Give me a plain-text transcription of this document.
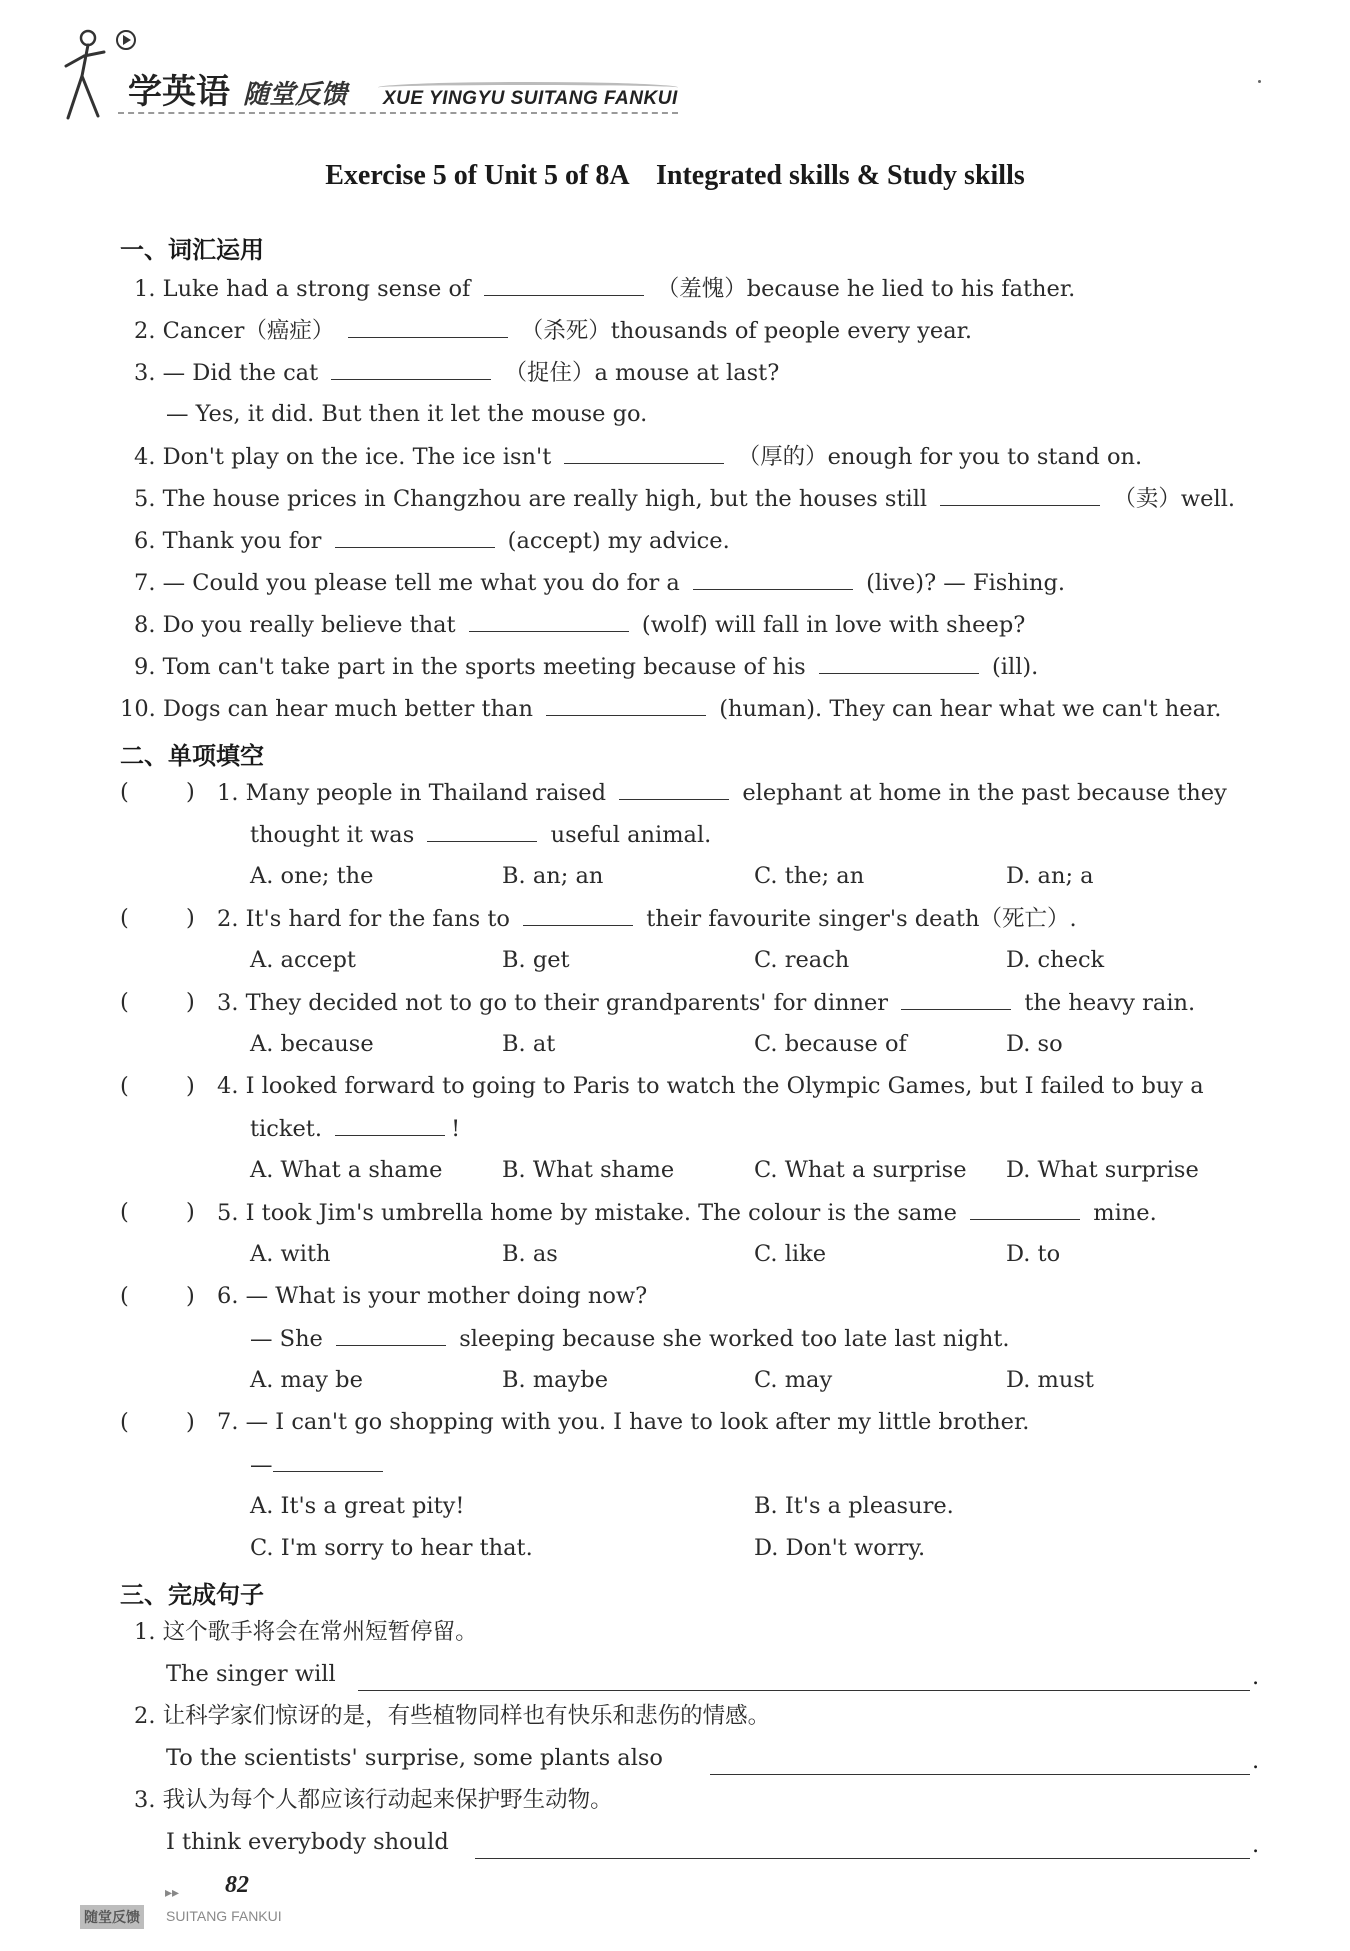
学英语 随堂反馈 XUE YINGYU SUITANG FANKUI
Exercise 5 of Unit 5 of 8A    Integrated skills & Study skills
一、词汇运用
1. Luke had a strong sense of	（羞愧）because he lied to his father.
2. Cancer（癌症）	（杀死）thousands of people every year.
3. — Did the cat	（捉住）a mouse at last?
— Yes, it did. But then it let the mouse go.
4. Don't play on the ice. The ice isn't	（厚的）enough for you to stand on.
5. The house prices in Changzhou are really high, but the houses still	（卖）well.
6. Thank you for	(accept) my advice.
7. — Could you please tell me what you do for a	(live)? — Fishing.
8. Do you really believe that	(wolf) will fall in love with sheep?
9. Tom can't take part in the sports meeting because of his	(ill).
10. Dogs can hear much better than	(human). They can hear what we can't hear.
二、单项填空
(        ) 1. Many people in Thailand raised	elephant at home in the past because they
thought it was	useful animal.
A. one; the	B. an; an	C. the; an	D. an; a
(        ) 2. It's hard for the fans to	their favourite singer's death（死亡）.
A. accept	B. get	C. reach	D. check
(        ) 3. They decided not to go to their grandparents' for dinner	the heavy rain.
A. because	B. at	C. because of	D. so
(        ) 4. I looked forward to going to Paris to watch the Olympic Games, but I failed to buy a
ticket.	!
A. What a shame	B. What shame	C. What a surprise D. What surprise
(        ) 5. I took Jim's umbrella home by mistake. The colour is the same	mine.
A. with	B. as	C. like	D. to
(        ) 6. — What is your mother doing now?
— She	sleeping because she worked too late last night.
A. may be	B. maybe	C. may	D. must
(        ) 7. — I can't go shopping with you. I have to look after my little brother.
—
A. It's a great pity!	B. It's a pleasure.
C. I'm sorry to hear that.	D. Don't worry.
三、完成句子
1. 这个歌手将会在常州短暂停留。
The singer will	.
2. 让科学家们惊讶的是，有些植物同样也有快乐和悲伤的情感。
To the scientists' surprise, some plants also	.
3. 我认为每个人都应该行动起来保护野生动物。
I think everybody should	.
▸▸ 82
随堂反馈 SUITANG FANKUI
